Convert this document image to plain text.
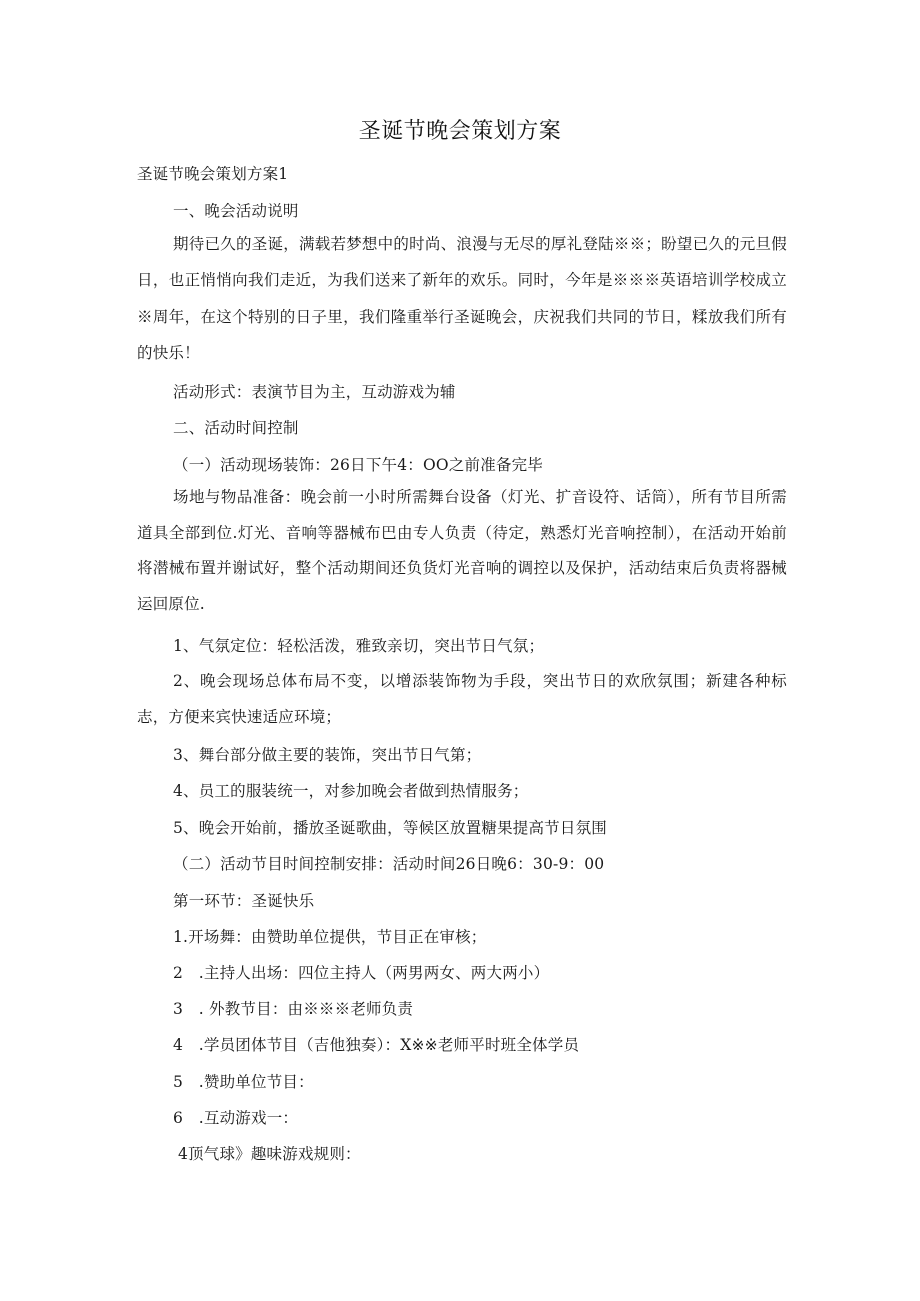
圣诞节晚会策划方案
圣诞节晚会策划方案1
一、晚会活动说明
期待已久的圣诞，满载若梦想中的时尚、浪漫与无尽的厚礼登陆※※；盼望已久的元旦假日，也正悄悄向我们走近，为我们送来了新年的欢乐。同时，今年是※※※英语培训学校成立※周年，在这个特别的日子里，我们隆重举行圣诞晚会，庆祝我们共同的节日，糅放我们所有的快乐！
活动形式：表演节目为主，互动游戏为辅
二、活动时间控制
（一）活动现场装饰：26日下午4：OO之前准备完毕
场地与物品准备：晚会前一小时所需舞台设备（灯光、扩音设符、话筒），所有节目所需道具全部到位.灯光、音响等器械布巴由专人负责（待定，熟悉灯光音响控制），在活动开始前将潜械布置并谢试好，整个活动期间还负货灯光音响的调控以及保护，活动结束后负责将器械运回原位.
1、气氛定位：轻松活泼，雅致亲切，突出节日气氛；
2、晚会现场总体布局不变，以增添装饰物为手段，突出节日的欢欣氛围；新建各种标志，方便来宾快速适应环境；
3、舞台部分做主要的装饰，突出节日气第；
4、员工的服装统一，对参加晚会者做到热情服务；
5、晚会开始前，播放圣诞歌曲，等候区放置糖果提高节日氛围
（二）活动节目时间控制安排：活动时间26日晚6：30-9：00
第一环节：圣诞快乐
1.开场舞：由赞助单位提供，节目正在审核；
2　.主持人出场：四位主持人（两男两女、两大两小）
3　. 外教节目：由※※※老师负责
4　.学员团体节目（吉他独奏）：X※※老师平时班全体学员
5　.赞助单位节目：
6　.互动游戏一：
4顶气球》趣味游戏规则：
